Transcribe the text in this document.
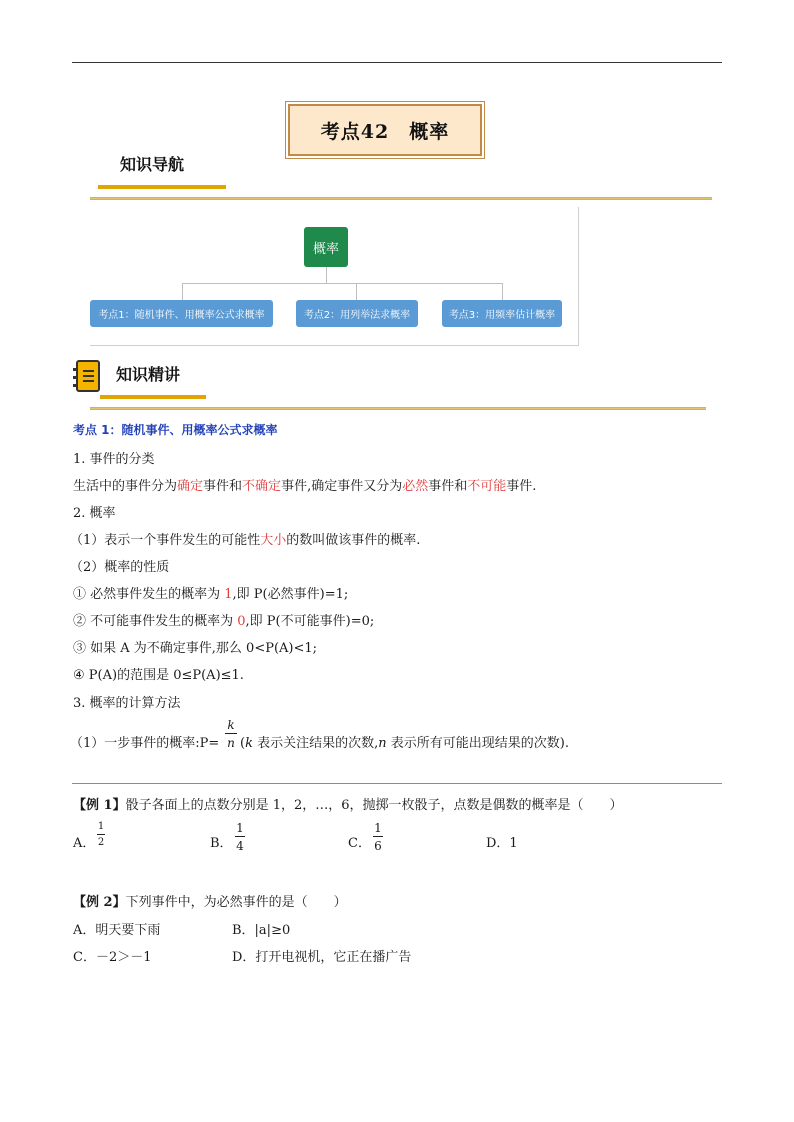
考点42　概率
知识导航
概率
考点1：随机事件、用概率公式求概率	考点2：用列举法求概率	考点3：用频率估计概率
知识精讲
考点 1：随机事件、用概率公式求概率
1. 事件的分类
生活中的事件分为确定事件和不确定事件,确定事件又分为必然事件和不可能事件.
2. 概率
（1）表示一个事件发生的可能性大小的数叫做该事件的概率.
（2）概率的性质
① 必然事件发生的概率为 1,即 P(必然事件)=1;
② 不可能事件发生的概率为 0,即 P(不可能事件)=0;
③ 如果 A 为不确定事件,那么 0<P(A)<1;
④ P(A)的范围是 0≤P(A)≤1.
3. 概率的计算方法
（1）一步事件的概率:P=
k
n (k 表示关注结果的次数,n 表示所有可能出现结果的次数).
【例 1】骰子各面上的点数分别是 1，2，…，6，抛掷一枚骰子，点数是偶数的概率是（　　）
A．
1
2	B．
1
4	C．
1
6	D．1
【例 2】下列事件中，为必然事件的是（　　）
A．明天要下雨	B．|a|≥0
C．－2＞－1	D．打开电视机，它正在播广告
